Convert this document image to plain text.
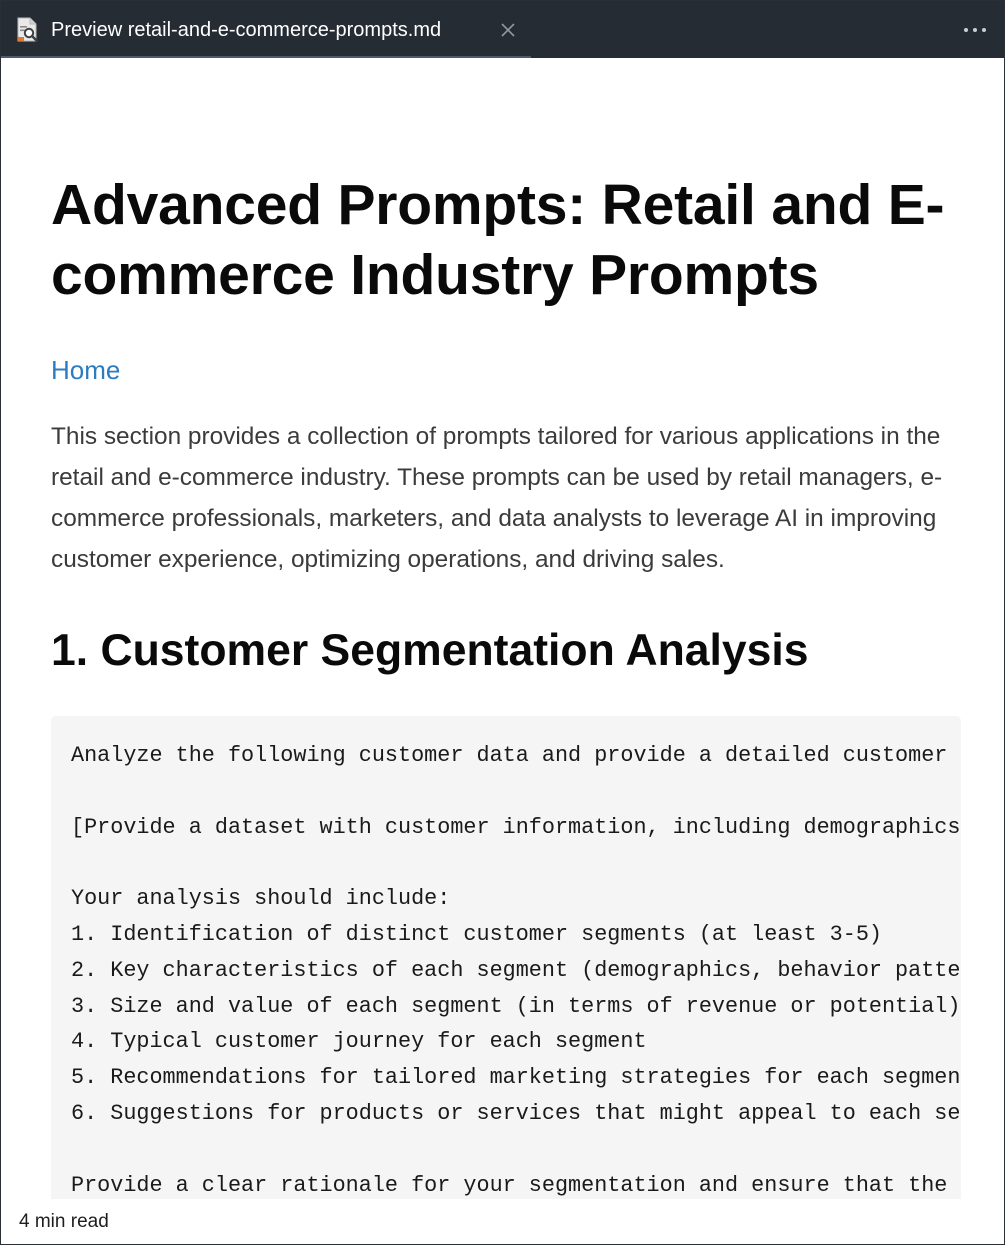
Preview retail-and-e-commerce-prompts.md
Advanced Prompts: Retail and E-commerce Industry Prompts
Home

This section provides a collection of prompts tailored for various applications in the retail and e-commerce industry. These prompts can be used by retail managers, e-commerce professionals, marketers, and data analysts to leverage AI in improving customer experience, optimizing operations, and driving sales.

1. Customer Segmentation Analysis
Analyze the following customer data and provide a detailed customer

[Provide a dataset with customer information, including demographics

Your analysis should include:
1. Identification of distinct customer segments (at least 3-5)
2. Key characteristics of each segment (demographics, behavior patte
3. Size and value of each segment (in terms of revenue or potential)
4. Typical customer journey for each segment
5. Recommendations for tailored marketing strategies for each segmen
6. Suggestions for products or services that might appeal to each se

Provide a clear rationale for your segmentation and ensure that the
4 min read
